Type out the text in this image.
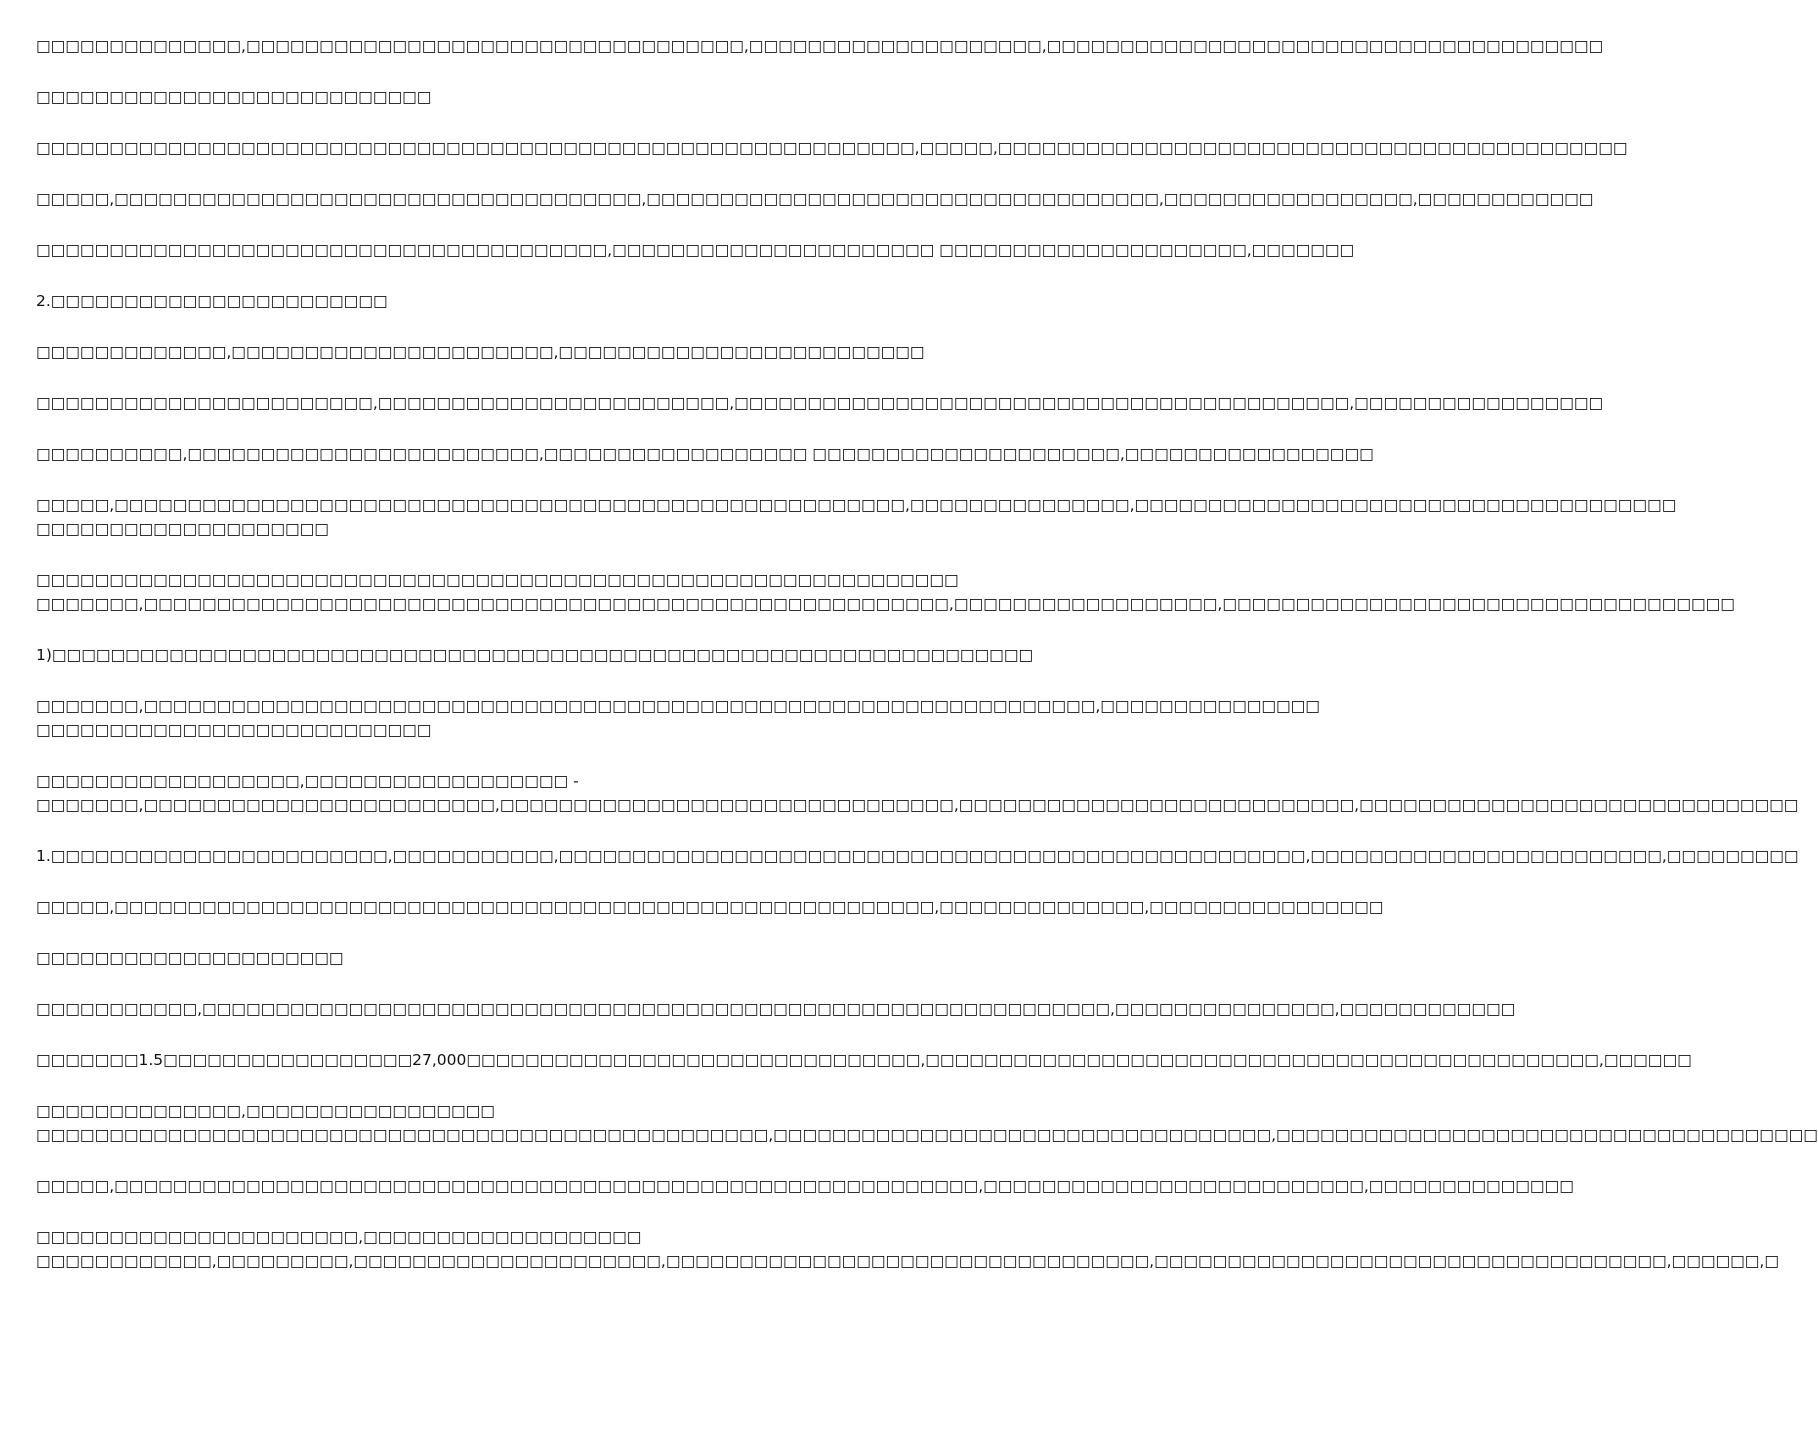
□□□□□□□□□□□□□□,□□□□□□□□□□□□□□□□□□□□□□□□□□□□□□□□□□,□□□□□□□□□□□□□□□□□□□□,□□□□□□□□□□□□□□□□□□□□□□□□□□□□□□□□□□□□□□
□□□□□□□□□□□□□□□□□□□□□□□□□□□
□□□□□□□□□□□□□□□□□□□□□□□□□□□□□□□□□□□□□□□□□□□□□□□□□□□□□□□□□□□□,□□□□□,□□□□□□□□□□□□□□□□□□□□□□□□□□□□□□□□□□□□□□□□□□□
□□□□□,□□□□□□□□□□□□□□□□□□□□□□□□□□□□□□□□□□□□,□□□□□□□□□□□□□□□□□□□□□□□□□□□□□□□□□□□,□□□□□□□□□□□□□□□□□,□□□□□□□□□□□□
□□□□□□□□□□□□□□□□□□□□□□□□□□□□□□□□□□□□□□□,□□□□□□□□□□□□□□□□□□□□□□ □□□□□□□□□□□□□□□□□□□□□,□□□□□□□
2.□□□□□□□□□□□□□□□□□□□□□□□
□□□□□□□□□□□□□,□□□□□□□□□□□□□□□□□□□□□□,□□□□□□□□□□□□□□□□□□□□□□□□□
□□□□□□□□□□□□□□□□□□□□□□□,□□□□□□□□□□□□□□□□□□□□□□□□,□□□□□□□□□□□□□□□□□□□□□□□□□□□□□□□□□□□□□□□□□□,□□□□□□□□□□□□□□□□□
□□□□□□□□□□,□□□□□□□□□□□□□□□□□□□□□□□□,□□□□□□□□□□□□□□□□□□ □□□□□□□□□□□□□□□□□□□□□,□□□□□□□□□□□□□□□□□
□□□□□,□□□□□□□□□□□□□□□□□□□□□□□□□□□□□□□□□□□□□□□□□□□□□□□□□□□□□□,□□□□□□□□□□□□□□□,□□□□□□□□□□□□□□□□□□□□□□□□□□□□□□□□□□□□□
□□□□□□□□□□□□□□□□□□□□
□□□□□□□□□□□□□□□□□□□□□□□□□□□□□□□□□□□□□□□□□□□□□□□□□□□□□□□□□□□□□□□
□□□□□□□,□□□□□□□□□□□□□□□□□□□□□□□□□□□□□□□□□□□□□□□□□□□□□□□□□□□□□□□,□□□□□□□□□□□□□□□□□□,□□□□□□□□□□□□□□□□□□□□□□□□□□□□□□□□□□□
1)□□□□□□□□□□□□□□□□□□□□□□□□□□□□□□□□□□□□□□□□□□□□□□□□□□□□□□□□□□□□□□□□□□□
□□□□□□□,□□□□□□□□□□□□□□□□□□□□□□□□□□□□□□□□□□□□□□□□□□□□□□□□□□□□□□□□□□□□□□□□□,□□□□□□□□□□□□□□□
□□□□□□□□□□□□□□□□□□□□□□□□□□□
□□□□□□□□□□□□□□□□□□,□□□□□□□□□□□□□□□□□□ -
□□□□□□□,□□□□□□□□□□□□□□□□□□□□□□□□,□□□□□□□□□□□□□□□□□□□□□□□□□□□□□□□,□□□□□□□□□□□□□□□□□□□□□□□□□□□,□□□□□□□□□□□□□□□□□□□□□□□□□□□□□□
1.□□□□□□□□□□□□□□□□□□□□□□□,□□□□□□□□□□□,□□□□□□□□□□□□□□□□□□□□□□□□□□□□□□□□□□□□□□□□□□□□□□□□□□□,□□□□□□□□□□□□□□□□□□□□□□□□,□□□□□□□□□
□□□□□,□□□□□□□□□□□□□□□□□□□□□□□□□□□□□□□□□□□□□□□□□□□□□□□□□□□□□□□□,□□□□□□□□□□□□□□,□□□□□□□□□□□□□□□□
□□□□□□□□□□□□□□□□□□□□□
□□□□□□□□□□□,□□□□□□□□□□□□□□□□□□□□□□□□□□□□□□□□□□□□□□□□□□□□□□□□□□□□□□□□□□□□□□,□□□□□□□□□□□□□□□,□□□□□□□□□□□□
□□□□□□□1.5□□□□□□□□□□□□□□□□□27,000□□□□□□□□□□□□□□□□□□□□□□□□□□□□□□□,□□□□□□□□□□□□□□□□□□□□□□□□□□□□□□□□□□□□□□□□□□□□□□,□□□□□□
□□□□□□□□□□□□□□,□□□□□□□□□□□□□□□□□
□□□□□□□□□□□□□□□□□□□□□□□□□□□□□□□□□□□□□□□□□□□□□□□□□□,□□□□□□□□□□□□□□□□□□□□□□□□□□□□□□□□□□,□□□□□□□□□□□□□□□□□□□□□□□□□□□□□□□□□□□□□
□□□□□,□□□□□□□□□□□□□□□□□□□□□□□□□□□□□□□□□□□□□□□□□□□□□□□□□□□□□□□□□□□,□□□□□□□□□□□□□□□□□□□□□□□□□□,□□□□□□□□□□□□□□
□□□□□□□□□□□□□□□□□□□□□□,□□□□□□□□□□□□□□□□□□□
□□□□□□□□□□□□,□□□□□□□□□,□□□□□□□□□□□□□□□□□□□□□,□□□□□□□□□□□□□□□□□□□□□□□□□□□□□□□□□,□□□□□□□□□□□□□□□□□□□□□□□□□□□□□□□□□□□,□□□□□□,□
